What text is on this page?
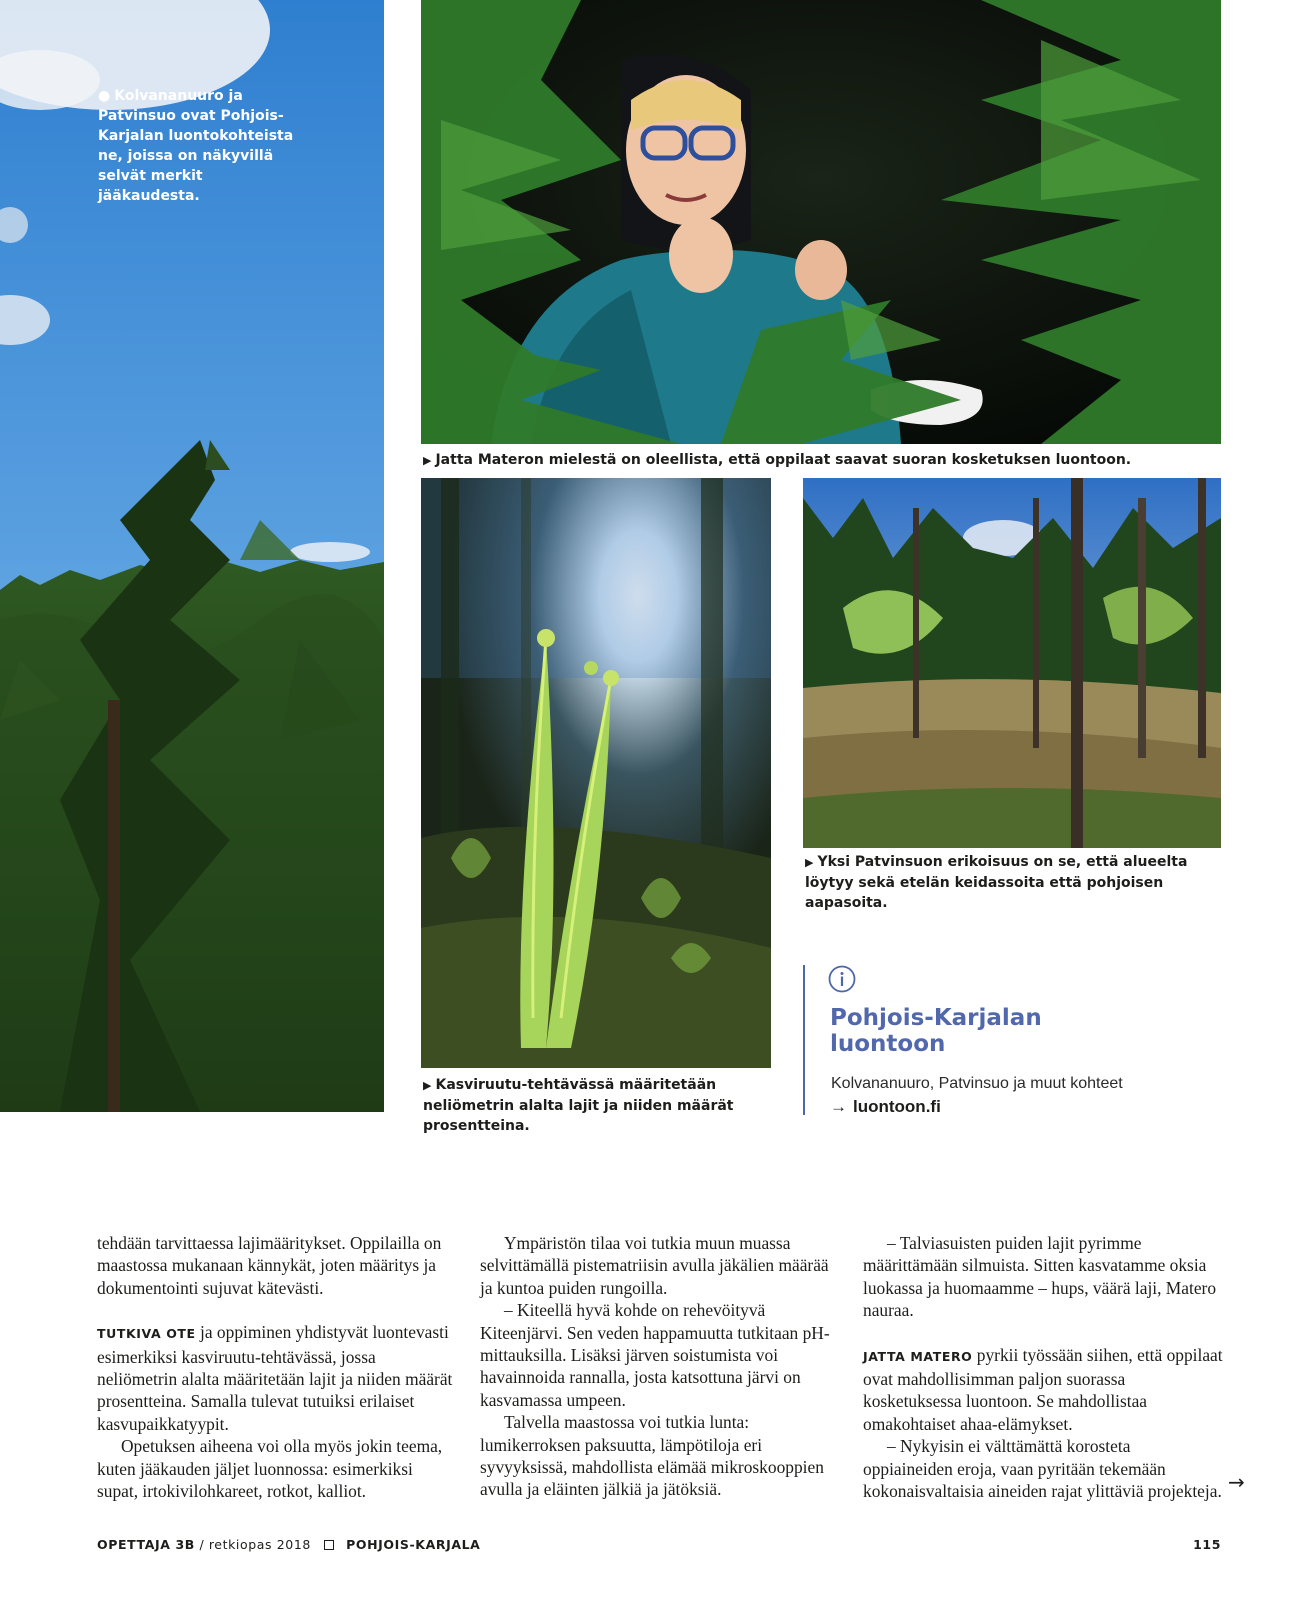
● Kolvananuuro ja Patvinsuo ovat Pohjois-Karjalan luontokohteista ne, joissa on näkyvillä selvät merkit jääkaudesta.
▶ Jatta Materon mielestä on oleellista, että oppilaat saavat suoran kosketuksen luontoon.
▶ Kasviruutu-tehtävässä määritetään neliömetrin alalta lajit ja niiden määrät prosentteina.
▶ Yksi Patvinsuon erikoisuus on se, että alueelta löytyy sekä etelän keidassoita että pohjoisen aapasoita.
Pohjois-Karjalan
luontoon
Kolvananuuro, Patvinsuo ja muut kohteet
→ luontoon.fi

tehdään tarvittaessa lajimääritykset. Oppilailla on maastossa mukanaan kännykät, joten määritys ja dokumentointi sujuvat kätevästi.

TUTKIVA OTE ja oppiminen yhdistyvät luontevasti esimerkiksi kasviruutu-tehtävässä, jossa neliömetrin alalta määritetään lajit ja niiden määrät prosentteina. Samalla tulevat tutuiksi erilaiset kasvupaikkatyypit.

Opetuksen aiheena voi olla myös jokin teema, kuten jääkauden jäljet luonnossa: esimerkiksi supat, irtokivilohkareet, rotkot, kalliot.

Ympäristön tilaa voi tutkia muun muassa selvittämällä pistematriisin avulla jäkälien määrää ja kuntoa puiden rungoilla.

– Kiteellä hyvä kohde on rehevöityvä Kiteenjärvi. Sen veden happamuutta tutkitaan pH-mittauksilla. Lisäksi järven soistumista voi havainnoida rannalla, josta katsottuna järvi on kasvamassa umpeen.

Talvella maastossa voi tutkia lunta: lumikerroksen paksuutta, lämpötiloja eri syvyyksissä, mahdollista elämää mikroskooppien avulla ja eläinten jälkiä ja jätöksiä.

– Talviasuisten puiden lajit pyrimme määrittämään silmuista. Sitten kasvatamme oksia luokassa ja huomaamme – hups, väärä laji, Matero nauraa.

JATTA MATERO pyrkii työssään siihen, että oppilaat ovat mahdollisimman paljon suorassa kosketuksessa luontoon. Se mahdollistaa omakohtaiset ahaa-elämykset.

– Nykyisin ei välttämättä korosteta oppiaineiden eroja, vaan pyritään tekemään kokonaisvaltaisia aineiden rajat ylittäviä projekteja. →
OPETTAJA 3B / retkiopas 2018	POHJOIS-KARJALA	115
